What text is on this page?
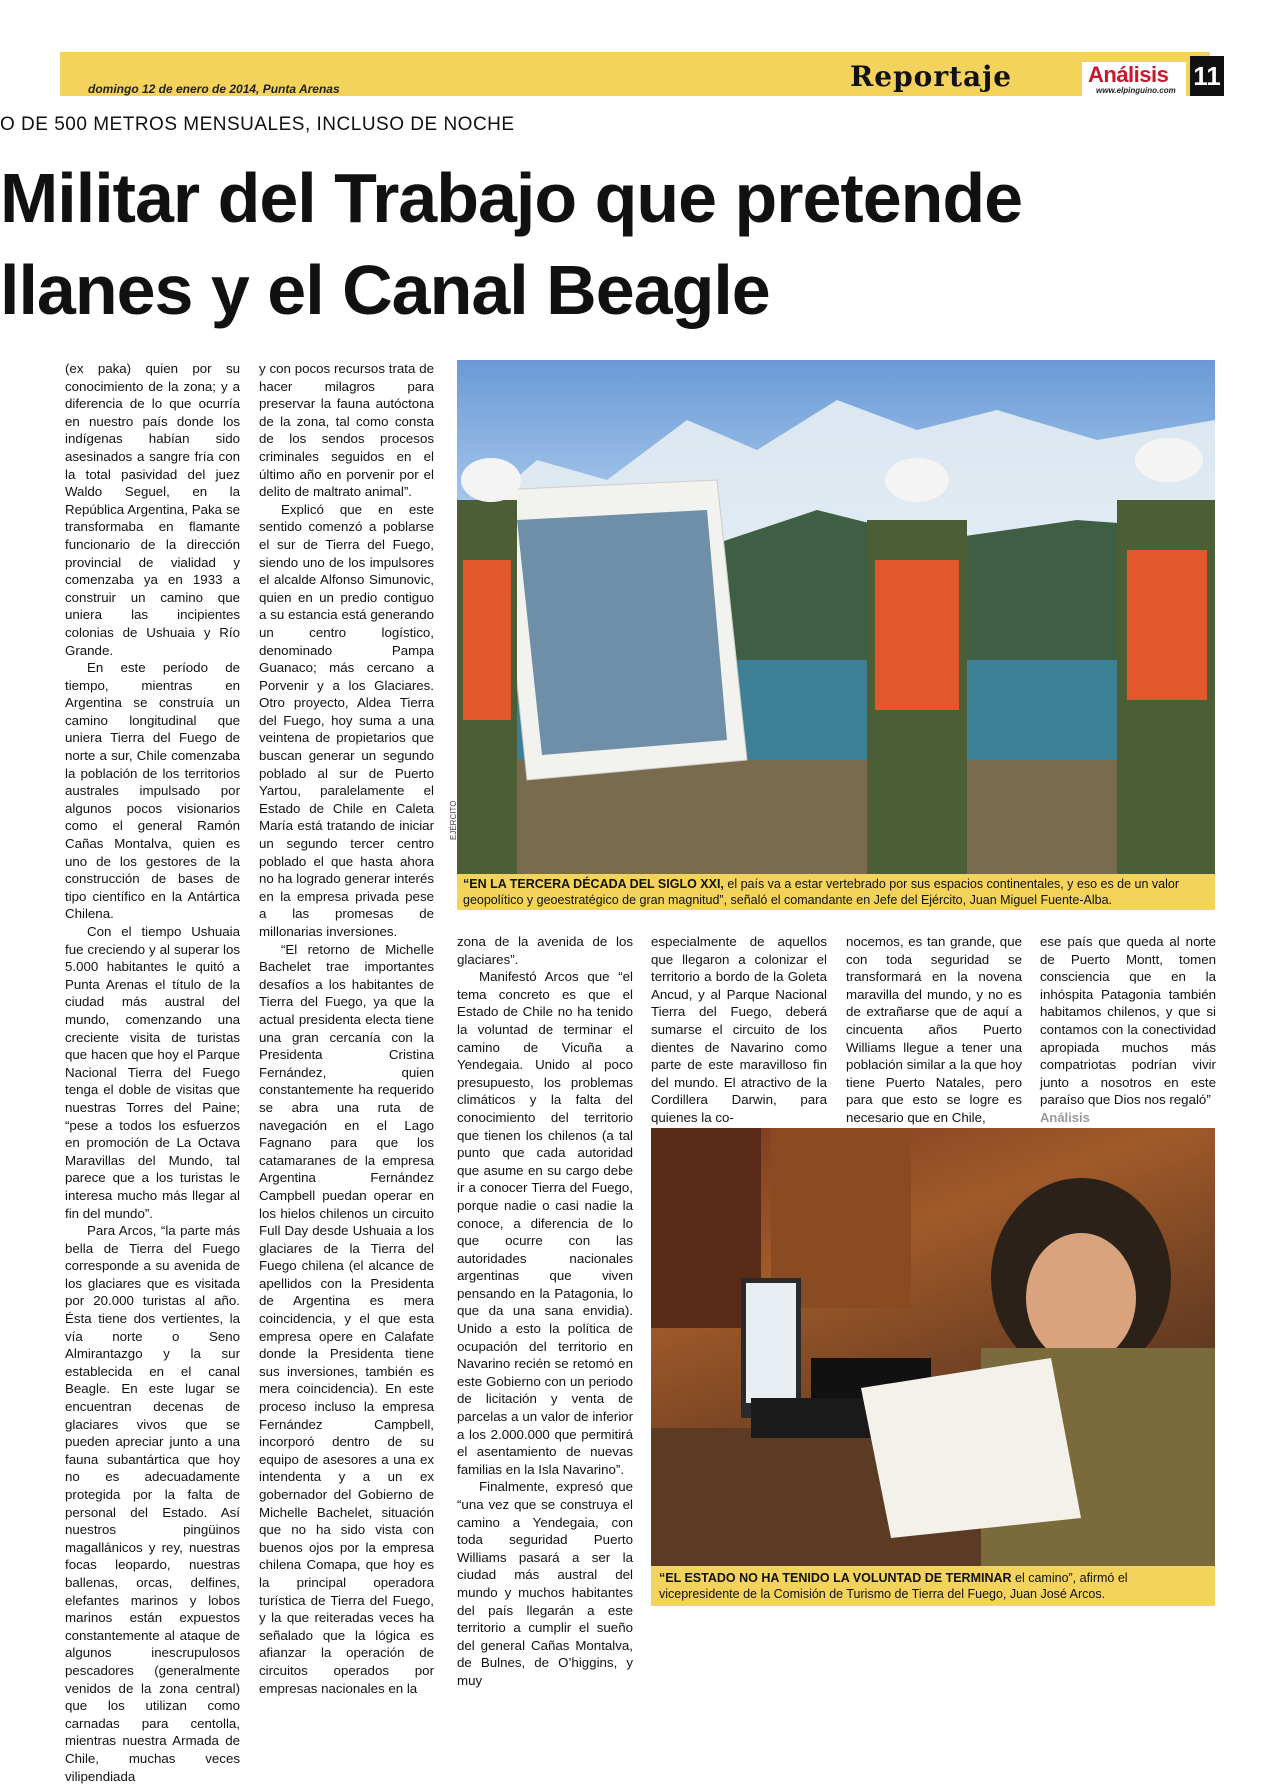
domingo 12 de enero de 2014, Punta Arenas	Reportaje	Análisis
www.elpinguino.com 11
O DE 500 METROS MENSUALES, INCLUSO DE NOCHE
Militar del Trabajo que pretende
llanes y el Canal Beagle

(ex paka) quien por su conocimiento de la zona; y a diferencia de lo que ocurría en nuestro país donde los indígenas habían sido asesinados a sangre fría con la total pasividad del juez Waldo Seguel, en la República Argentina, Paka se transformaba en flamante funcionario de la dirección provincial de vialidad y comenzaba ya en 1933 a construir un camino que uniera las incipientes colonias de Ushuaia y Río Grande.

En este período de tiempo, mientras en Argentina se construía un camino longitudinal que uniera Tierra del Fuego de norte a sur, Chile comenzaba la población de los territorios australes impulsado por algunos pocos visionarios como el general Ramón Cañas Montalva, quien es uno de los gestores de la construcción de bases de tipo científico en la Antártica Chilena.

Con el tiempo Ushuaia fue creciendo y al superar los 5.000 habitantes le quitó a Punta Arenas el título de la ciudad más austral del mundo, comenzando una creciente visita de turistas que hacen que hoy el Parque Nacional Tierra del Fuego tenga el doble de visitas que nuestras Torres del Paine; “pese a todos los esfuerzos en promoción de La Octava Maravillas del Mundo, tal parece que a los turistas le interesa mucho más llegar al fin del mundo”.

Para Arcos, “la parte más bella de Tierra del Fuego corresponde a su avenida de los glaciares que es visitada por 20.000 turistas al año. Ésta tiene dos vertientes, la vía norte o Seno Almirantazgo y la sur establecida en el canal Beagle. En este lugar se encuentran decenas de glaciares vivos que se pueden apreciar junto a una fauna subantártica que hoy no es adecuadamente protegida por la falta de personal del Estado. Así nuestros pingüinos magallánicos y rey, nuestras focas leopardo, nuestras ballenas, orcas, delfines, elefantes marinos y lobos marinos están expuestos constantemente al ataque de algunos inescrupulosos pescadores (generalmente venidos de la zona central) que los utilizan como carnadas para centolla, mientras nuestra Armada de Chile, muchas veces vilipendiada

y con pocos recursos trata de hacer milagros para preservar la fauna autóctona de la zona, tal como consta de los sendos procesos criminales seguidos en el último año en porvenir por el delito de maltrato animal”.

Explicó que en este sentido comenzó a poblarse el sur de Tierra del Fuego, siendo uno de los impulsores el alcalde Alfonso Simunovic, quien en un predio contiguo a su estancia está generando un centro logístico, denominado Pampa Guanaco; más cercano a Porvenir y a los Glaciares. Otro proyecto, Aldea Tierra del Fuego, hoy suma a una veintena de propietarios que buscan generar un segundo poblado al sur de Puerto Yartou, paralelamente el Estado de Chile en Caleta María está tratando de iniciar un segundo tercer centro poblado el que hasta ahora no ha logrado generar interés en la empresa privada pese a las promesas de millonarias inversiones.

“El retorno de Michelle Bachelet trae importantes desafíos a los habitantes de Tierra del Fuego, ya que la actual presidenta electa tiene una gran cercanía con la Presidenta Cristina Fernández, quien constantemente ha requerido se abra una ruta de navegación en el Lago Fagnano para que los catamaranes de la empresa Argentina Fernández Campbell puedan operar en los hielos chilenos un circuito Full Day desde Ushuaia a los glaciares de la Tierra del Fuego chilena (el alcance de apellidos con la Presidenta de Argentina es mera coincidencia, y el que esta empresa opere en Calafate donde la Presidenta tiene sus inversiones, también es mera coincidencia). En este proceso incluso la empresa Fernández Campbell, incorporó dentro de su equipo de asesores a una ex intendenta y a un ex gobernador del Gobierno de Michelle Bachelet, situación que no ha sido vista con buenos ojos por la empresa chilena Comapa, que hoy es la principal operadora turística de Tierra del Fuego, y la que reiteradas veces ha señalado que la lógica es afianzar la operación de circuitos operados por empresas nacionales en la

EJÉRCITO
“EN LA TERCERA DÉCADA DEL SIGLO XXI, el país va a estar vertebrado por sus espacios continentales, y eso es de un valor geopolítico y geoestratégico de gran magnitud”, señaló el comandante en Jefe del Ejército, Juan Miguel Fuente-Alba.

zona de la avenida de los glaciares”.

Manifestó Arcos que “el tema concreto es que el Estado de Chile no ha tenido la voluntad de terminar el camino de Vicuña a Yendegaia. Unido al poco presupuesto, los problemas climáticos y la falta del conocimiento del territorio que tienen los chilenos (a tal punto que cada autoridad que asume en su cargo debe ir a conocer Tierra del Fuego, porque nadie o casi nadie la conoce, a diferencia de lo que ocurre con las autoridades nacionales argentinas que viven pensando en la Patagonia, lo que da una sana envidia). Unido a esto la política de ocupación del territorio en Navarino recién se retomó en este Gobierno con un periodo de licitación y venta de parcelas a un valor de inferior a los 2.000.000 que permitirá el asentamiento de nuevas familias en la Isla Navarino”.

Finalmente, expresó que “una vez que se construya el camino a Yendegaia, con toda seguridad Puerto Williams pasará a ser la ciudad más austral del mundo y muchos habitantes del país llegarán a este territorio a cumplir el sueño del general Cañas Montalva, de Bulnes, de O’higgins, y muy

especialmente de aquellos que llegaron a colonizar el territorio a bordo de la Goleta Ancud, y al Parque Nacional Tierra del Fuego, deberá sumarse el circuito de los dientes de Navarino como parte de este maravilloso fin del mundo. El atractivo de la Cordillera Darwin, para quienes la co-

nocemos, es tan grande, que con toda seguridad se transformará en la novena maravilla del mundo, y no es de extrañarse que de aquí a cincuenta años Puerto Williams llegue a tener una población similar a la que hoy tiene Puerto Natales, pero para que esto se logre es necesario que en Chile,

ese país que queda al norte de Puerto Montt, tomen consciencia que en la inhóspita Patagonia también habitamos chilenos, y que si contamos con la conectividad apropiada muchos más compatriotas podrían vivir junto a nosotros en este paraíso que Dios nos regaló”

Análisis
“EL ESTADO NO HA TENIDO LA VOLUNTAD DE TERMINAR el camino”, afirmó el vicepresidente de la Comisión de Turismo de Tierra del Fuego, Juan José Arcos.
